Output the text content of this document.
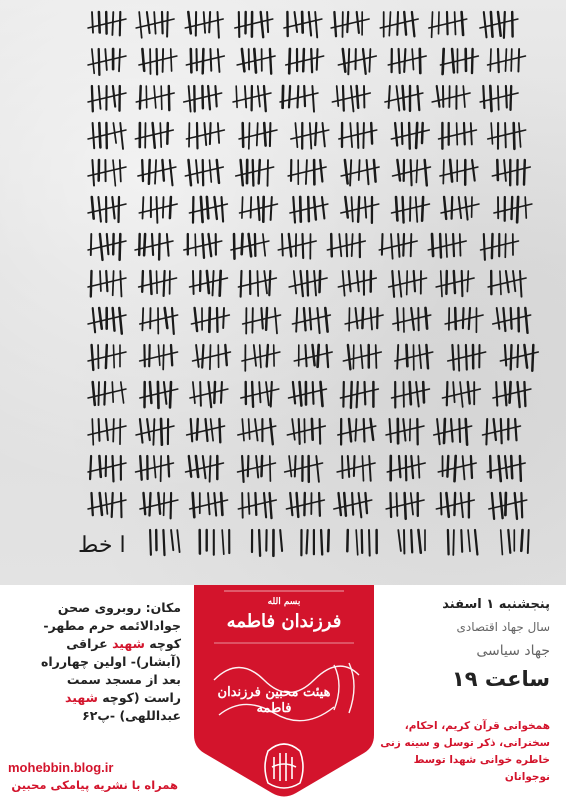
ا خط
مکان: روبروی صحن
جوادالائمه حرم مطهر-
کوچه شهید عراقی
(آبشار)- اولین چهارراه
بعد از مسجد سمت
راست (کوچه شهید
عبداللهی) -پ۶۲
mohebbin.blog.ir
همراه با نشریه پیامکی محبین
بسم الله
فرزندان فاطمه
هیئت محبین فرزندان فاطمه
پنجشنبه ۱ اسفند
سال جهاد اقتصادی
جهاد سیاسی
ساعت ۱۹
همخوانی قرآن کریم، احکام،
سخنرانی، ذکر توسل و سینه زنی
خاطره خوانی شهدا توسط نوجوانان
